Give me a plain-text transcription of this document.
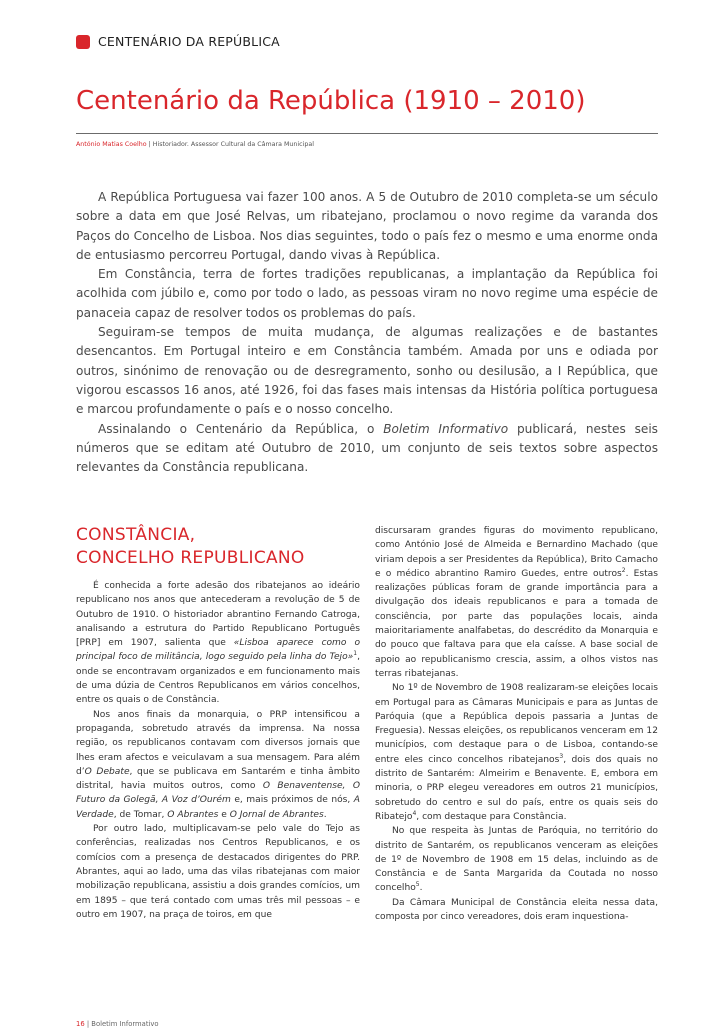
CENTENÁRIO DA REPÚBLICA
Centenário da República (1910 – 2010)
António Matias Coelho | Historiador. Assessor Cultural da Câmara Municipal

A República Portuguesa vai fazer 100 anos. A 5 de Outubro de 2010 completa-se um século sobre a data em que José Relvas, um ribatejano, proclamou o novo regime da varanda dos Paços do Concelho de Lisboa. Nos dias seguintes, todo o país fez o mesmo e uma enorme onda de entusiasmo percorreu Portugal, dando vivas à República.

Em Constância, terra de fortes tradições republicanas, a implantação da República foi acolhida com júbilo e, como por todo o lado, as pessoas viram no novo regime uma espécie de panaceia capaz de resolver todos os problemas do país.

Seguiram-se tempos de muita mudança, de algumas realizações e de bastantes desencantos. Em Portugal inteiro e em Constância também. Amada por uns e odiada por outros, sinónimo de renovação ou de desregramento, sonho ou desilusão, a I República, que vigorou escassos 16 anos, até 1926, foi das fases mais intensas da História política portuguesa e marcou profundamente o país e o nosso concelho.

Assinalando o Centenário da República, o Boletim Informativo publicará, nestes seis números que se editam até Outubro de 2010, um conjunto de seis textos sobre aspectos relevantes da Constância republicana.

CONSTÂNCIA,
CONCELHO REPUBLICANO

É conhecida a forte adesão dos ribatejanos ao ideário republicano nos anos que antecederam a revolução de 5 de Outubro de 1910. O historiador abrantino Fernando Catroga, analisando a estrutura do Partido Republicano Português [PRP] em 1907, salienta que «Lisboa aparece como o principal foco de militância, logo seguido pela linha do Tejo»$^1$, onde se encontravam organizados e em funcionamento mais de uma dúzia de Centros Republicanos em vários concelhos, entre os quais o de Constância.

Nos anos finais da monarquia, o PRP intensificou a propaganda, sobretudo através da imprensa. Na nossa região, os republicanos contavam com diversos jornais que lhes eram afectos e veiculavam a sua mensagem. Para além d’O Debate, que se publicava em Santarém e tinha âmbito distrital, havia muitos outros, como O Benaventense, O Futuro da Golegã, A Voz d’Ourém e, mais próximos de nós, A Verdade, de Tomar, O Abrantes e O Jornal de Abrantes.

Por outro lado, multiplicavam-se pelo vale do Tejo as conferências, realizadas nos Centros Republicanos, e os comícios com a presença de destacados dirigentes do PRP. Abrantes, aqui ao lado, uma das vilas ribatejanas com maior mobilização republicana, assistiu a dois grandes comícios, um em 1895 – que terá contado com umas três mil pessoas – e outro em 1907, na praça de toiros, em que

discursaram grandes figuras do movimento republicano, como António José de Almeida e Bernardino Machado (que viriam depois a ser Presidentes da República), Brito Camacho e o médico abrantino Ramiro Guedes, entre outros$^2$. Estas realizações públicas foram de grande importância para a divulgação dos ideais republicanos e para a tomada de consciência, por parte das populações locais, ainda maioritariamente analfabetas, do descrédito da Monarquia e do pouco que faltava para que ela caísse. A base social de apoio ao republicanismo crescia, assim, a olhos vistos nas terras ribatejanas.

No 1º de Novembro de 1908 realizaram-se eleições locais em Portugal para as Câmaras Municipais e para as Juntas de Paróquia (que a República depois passaria a Juntas de Freguesia). Nessas eleições, os republicanos venceram em 12 municípios, com destaque para o de Lisboa, contando-se entre eles cinco concelhos ribatejanos$^3$, dois dos quais no distrito de Santarém: Almeirim e Benavente. E, embora em minoria, o PRP elegeu vereadores em outros 21 municípios, sobretudo do centro e sul do país, entre os quais seis do Ribatejo$^4$, com destaque para Constância.

No que respeita às Juntas de Paróquia, no território do distrito de Santarém, os republicanos venceram as eleições de 1º de Novembro de 1908 em 15 delas, incluindo as de Constância e de Santa Margarida da Coutada no nosso concelho$^5$.

Da Câmara Municipal de Constância eleita nessa data, composta por cinco vereadores, dois eram inquestiona-

16 | Boletim Informativo
